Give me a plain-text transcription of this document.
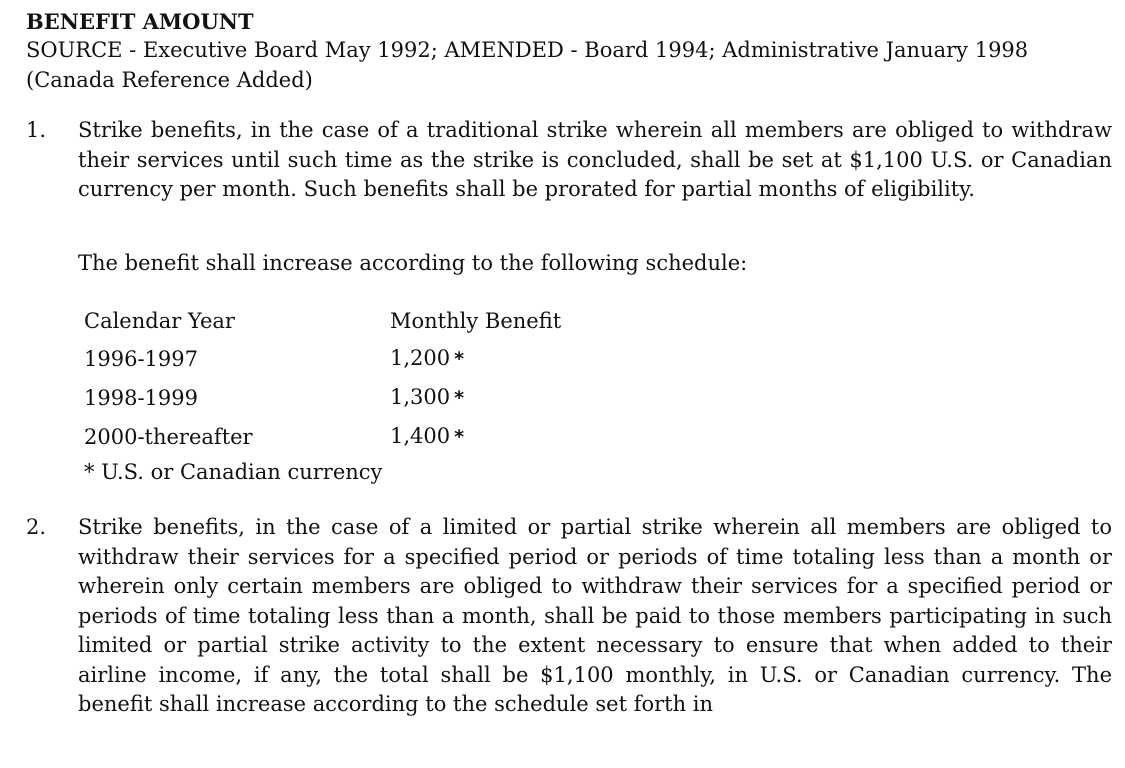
BENEFIT AMOUNT

SOURCE - Executive Board May 1992; AMENDED - Board 1994; Administrative January 1998

(Canada Reference Added)

1.	Strike benefits, in the case of a traditional strike wherein all members are obliged to withdraw their services until such time as the strike is concluded, shall be set at $1,100 U.S. or Canadian currency per month. Such benefits shall be prorated for partial months of eligibility.

The benefit shall increase according to the following schedule:

Calendar Year	Monthly Benefit
1996-1997	1,200 *
1998-1999	1,300 *
2000-thereafter	1,400 *

* U.S. or Canadian currency

2.	Strike benefits, in the case of a limited or partial strike wherein all members are obliged to withdraw their services for a specified period or periods of time totaling less than a month or wherein only certain members are obliged to withdraw their services for a specified period or periods of time totaling less than a month, shall be paid to those members participating in such limited or partial strike activity to the extent necessary to ensure that when added to their airline income, if any, the total shall be $1,100 monthly, in U.S. or Canadian currency. The benefit shall increase according to the schedule set forth in
